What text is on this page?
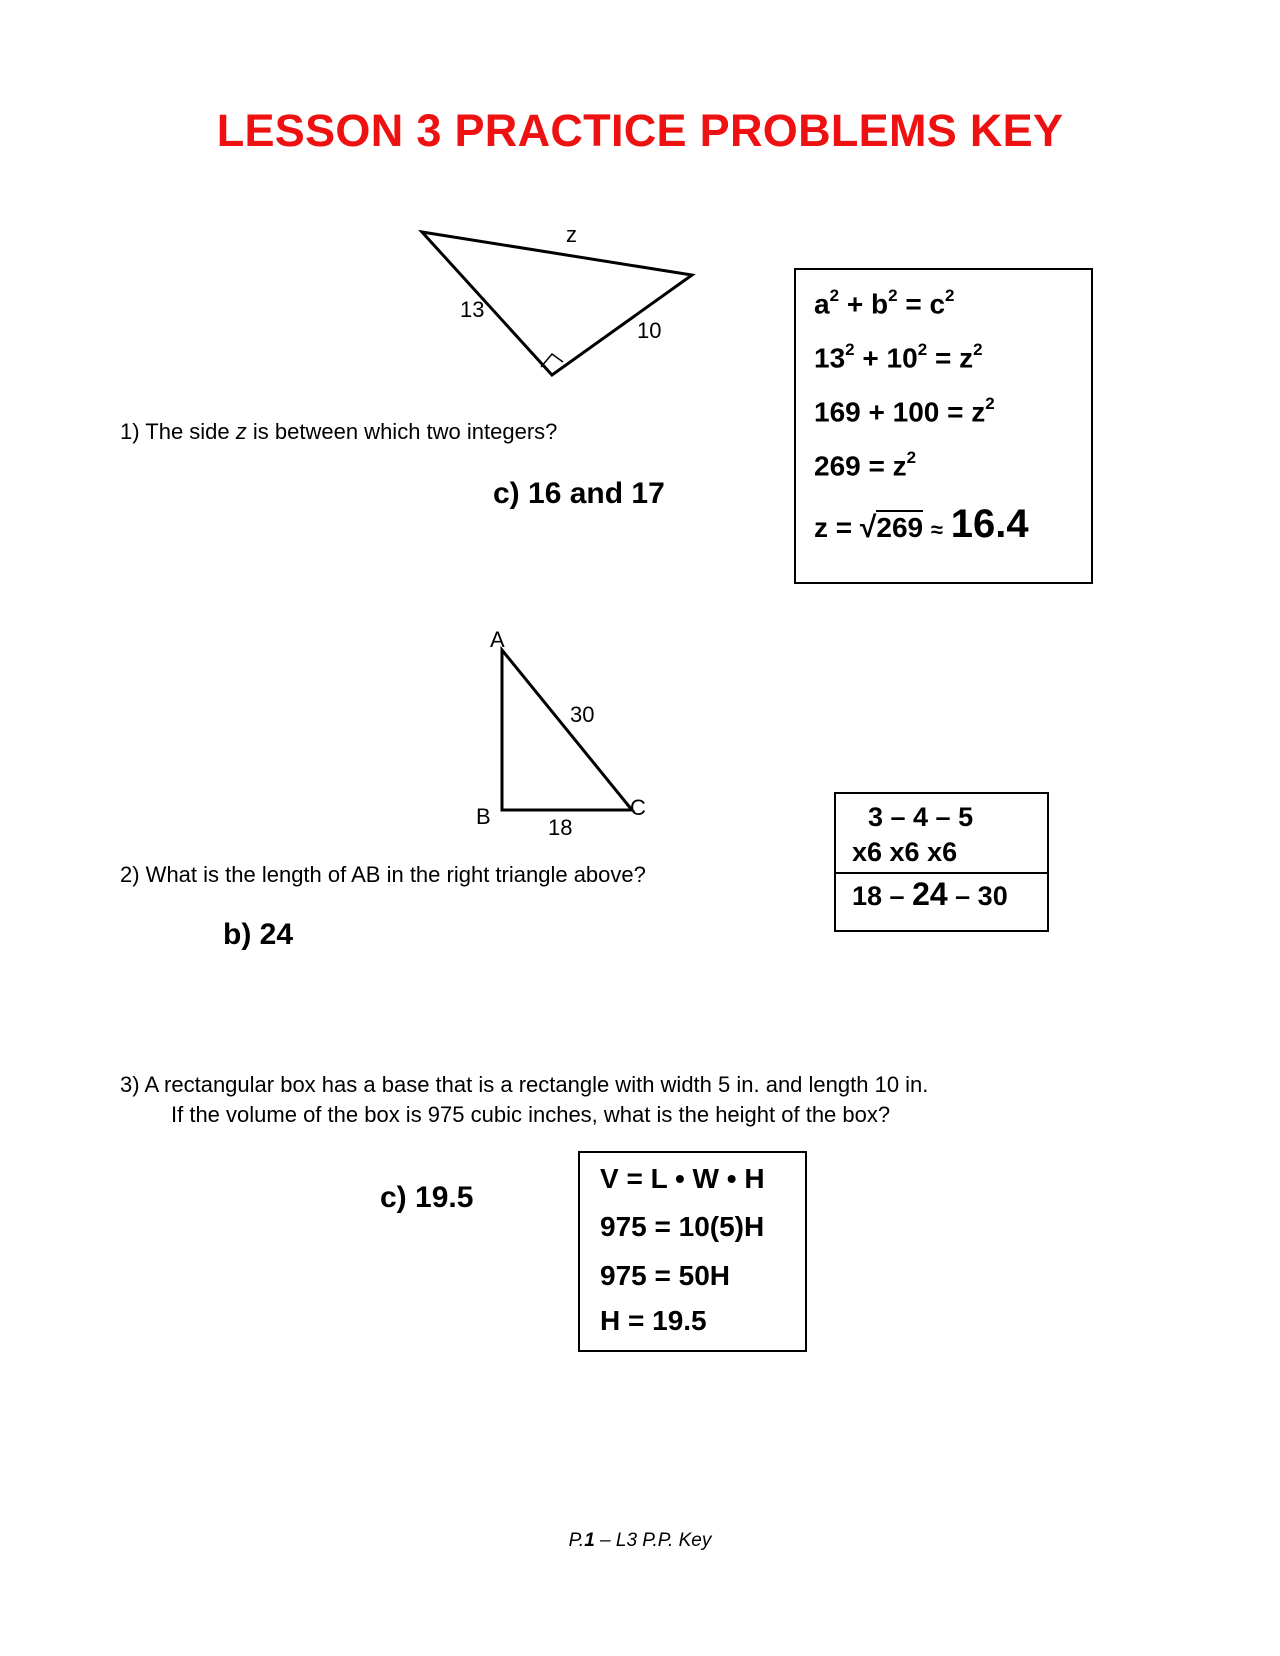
LESSON 3 PRACTICE PROBLEMS KEY
z
13
10
1) The side z is between which two integers?
c) 16 and 17
$a^2 + b^2 = c^2$
$13^2 + 10^2 = z^2$
$169 + 100 = z^2$
$269 = z^2$
z = √269 ≈ 16.4
A
B	C
30
18
2) What is the length of AB in the right triangle above?
b) 24
3 – 4 – 5
x6 x6 x6
18 – 24 – 30
3) A rectangular box has a base that is a rectangle with width 5 in. and length 10 in.
If the volume of the box is 975 cubic inches, what is the height of the box?
c) 19.5
V = L • W • H
975 = 10(5)H
975 = 50H
H = 19.5
P.1 – L3 P.P. Key
